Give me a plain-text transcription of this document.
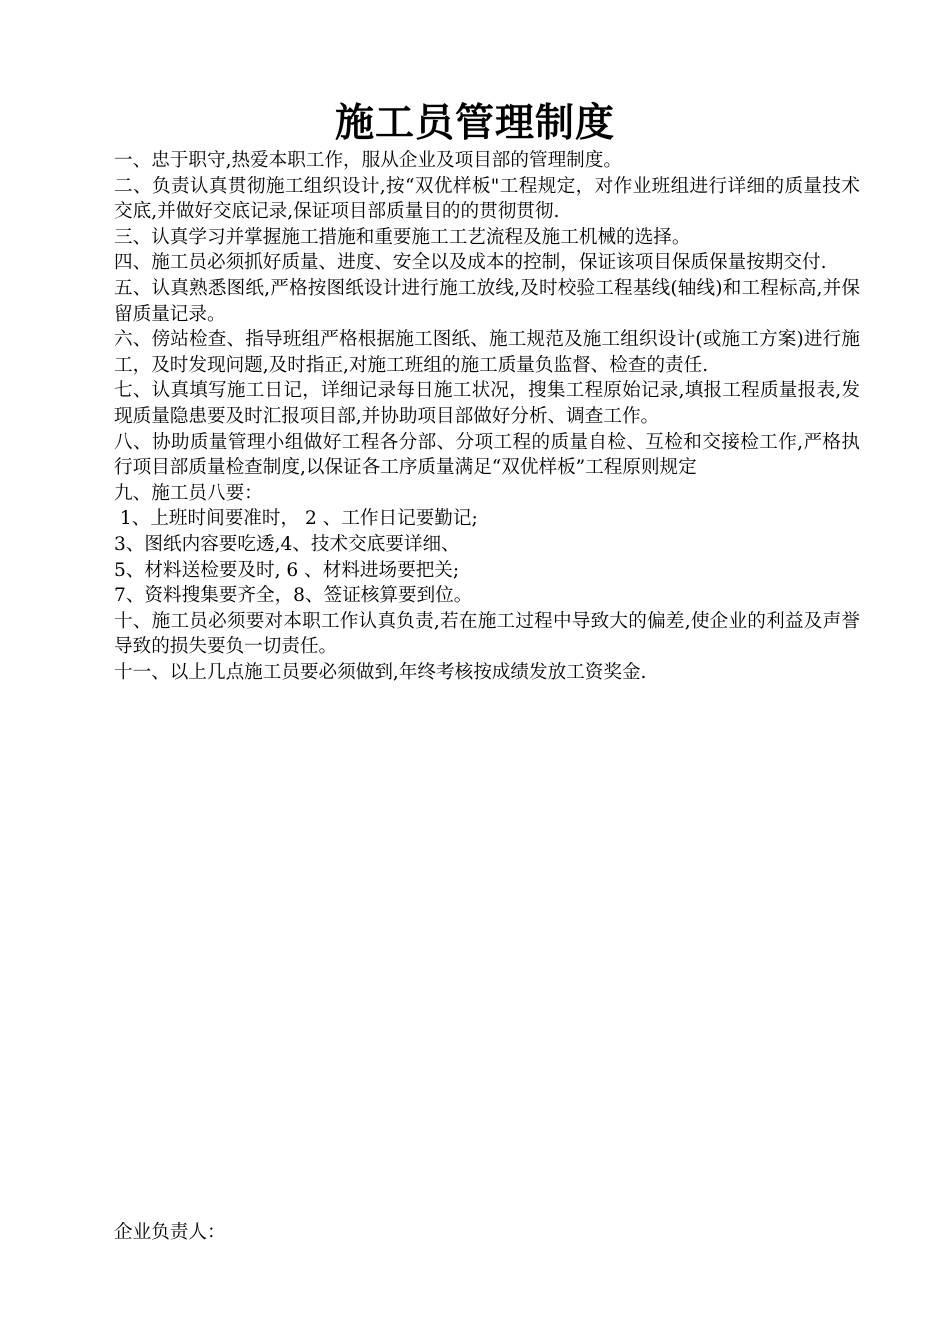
施工员管理制度

一、忠于职守,热爱本职工作，服从企业及项目部的管理制度。

二、负责认真贯彻施工组织设计,按“双优样板"工程规定，对作业班组进行详细的质量技术交底,并做好交底记录,保证项目部质量目的的贯彻贯彻.

三、认真学习并掌握施工措施和重要施工工艺流程及施工机械的选择。

四、施工员必须抓好质量、进度、安全以及成本的控制，保证该项目保质保量按期交付.

五、认真熟悉图纸,严格按图纸设计进行施工放线,及时校验工程基线(轴线)和工程标高,并保留质量记录。

六、傍站检查、指导班组严格根据施工图纸、施工规范及施工组织设计(或施工方案)进行施工，及时发现问题,及时指正,对施工班组的施工质量负监督、检查的责任.

七、认真填写施工日记，详细记录每日施工状况，搜集工程原始记录,填报工程质量报表,发现质量隐患要及时汇报项目部,并协助项目部做好分析、调查工作。

八、协助质量管理小组做好工程各分部、分项工程的质量自检、互检和交接检工作,严格执行项目部质量检查制度,以保证各工序质量满足“双优样板”工程原则规定

九、施工员八要：

1、上班时间要准时， 2 、工作日记要勤记;

3、图纸内容要吃透,4、技术交底要详细、

5、材料送检要及时, 6 、材料进场要把关;

7、资料搜集要齐全，8、签证核算要到位。

十、施工员必须要对本职工作认真负责,若在施工过程中导致大的偏差,使企业的利益及声誉导致的损失要负一切责任。

十一、以上几点施工员要必须做到,年终考核按成绩发放工资奖金.

企业负责人：
